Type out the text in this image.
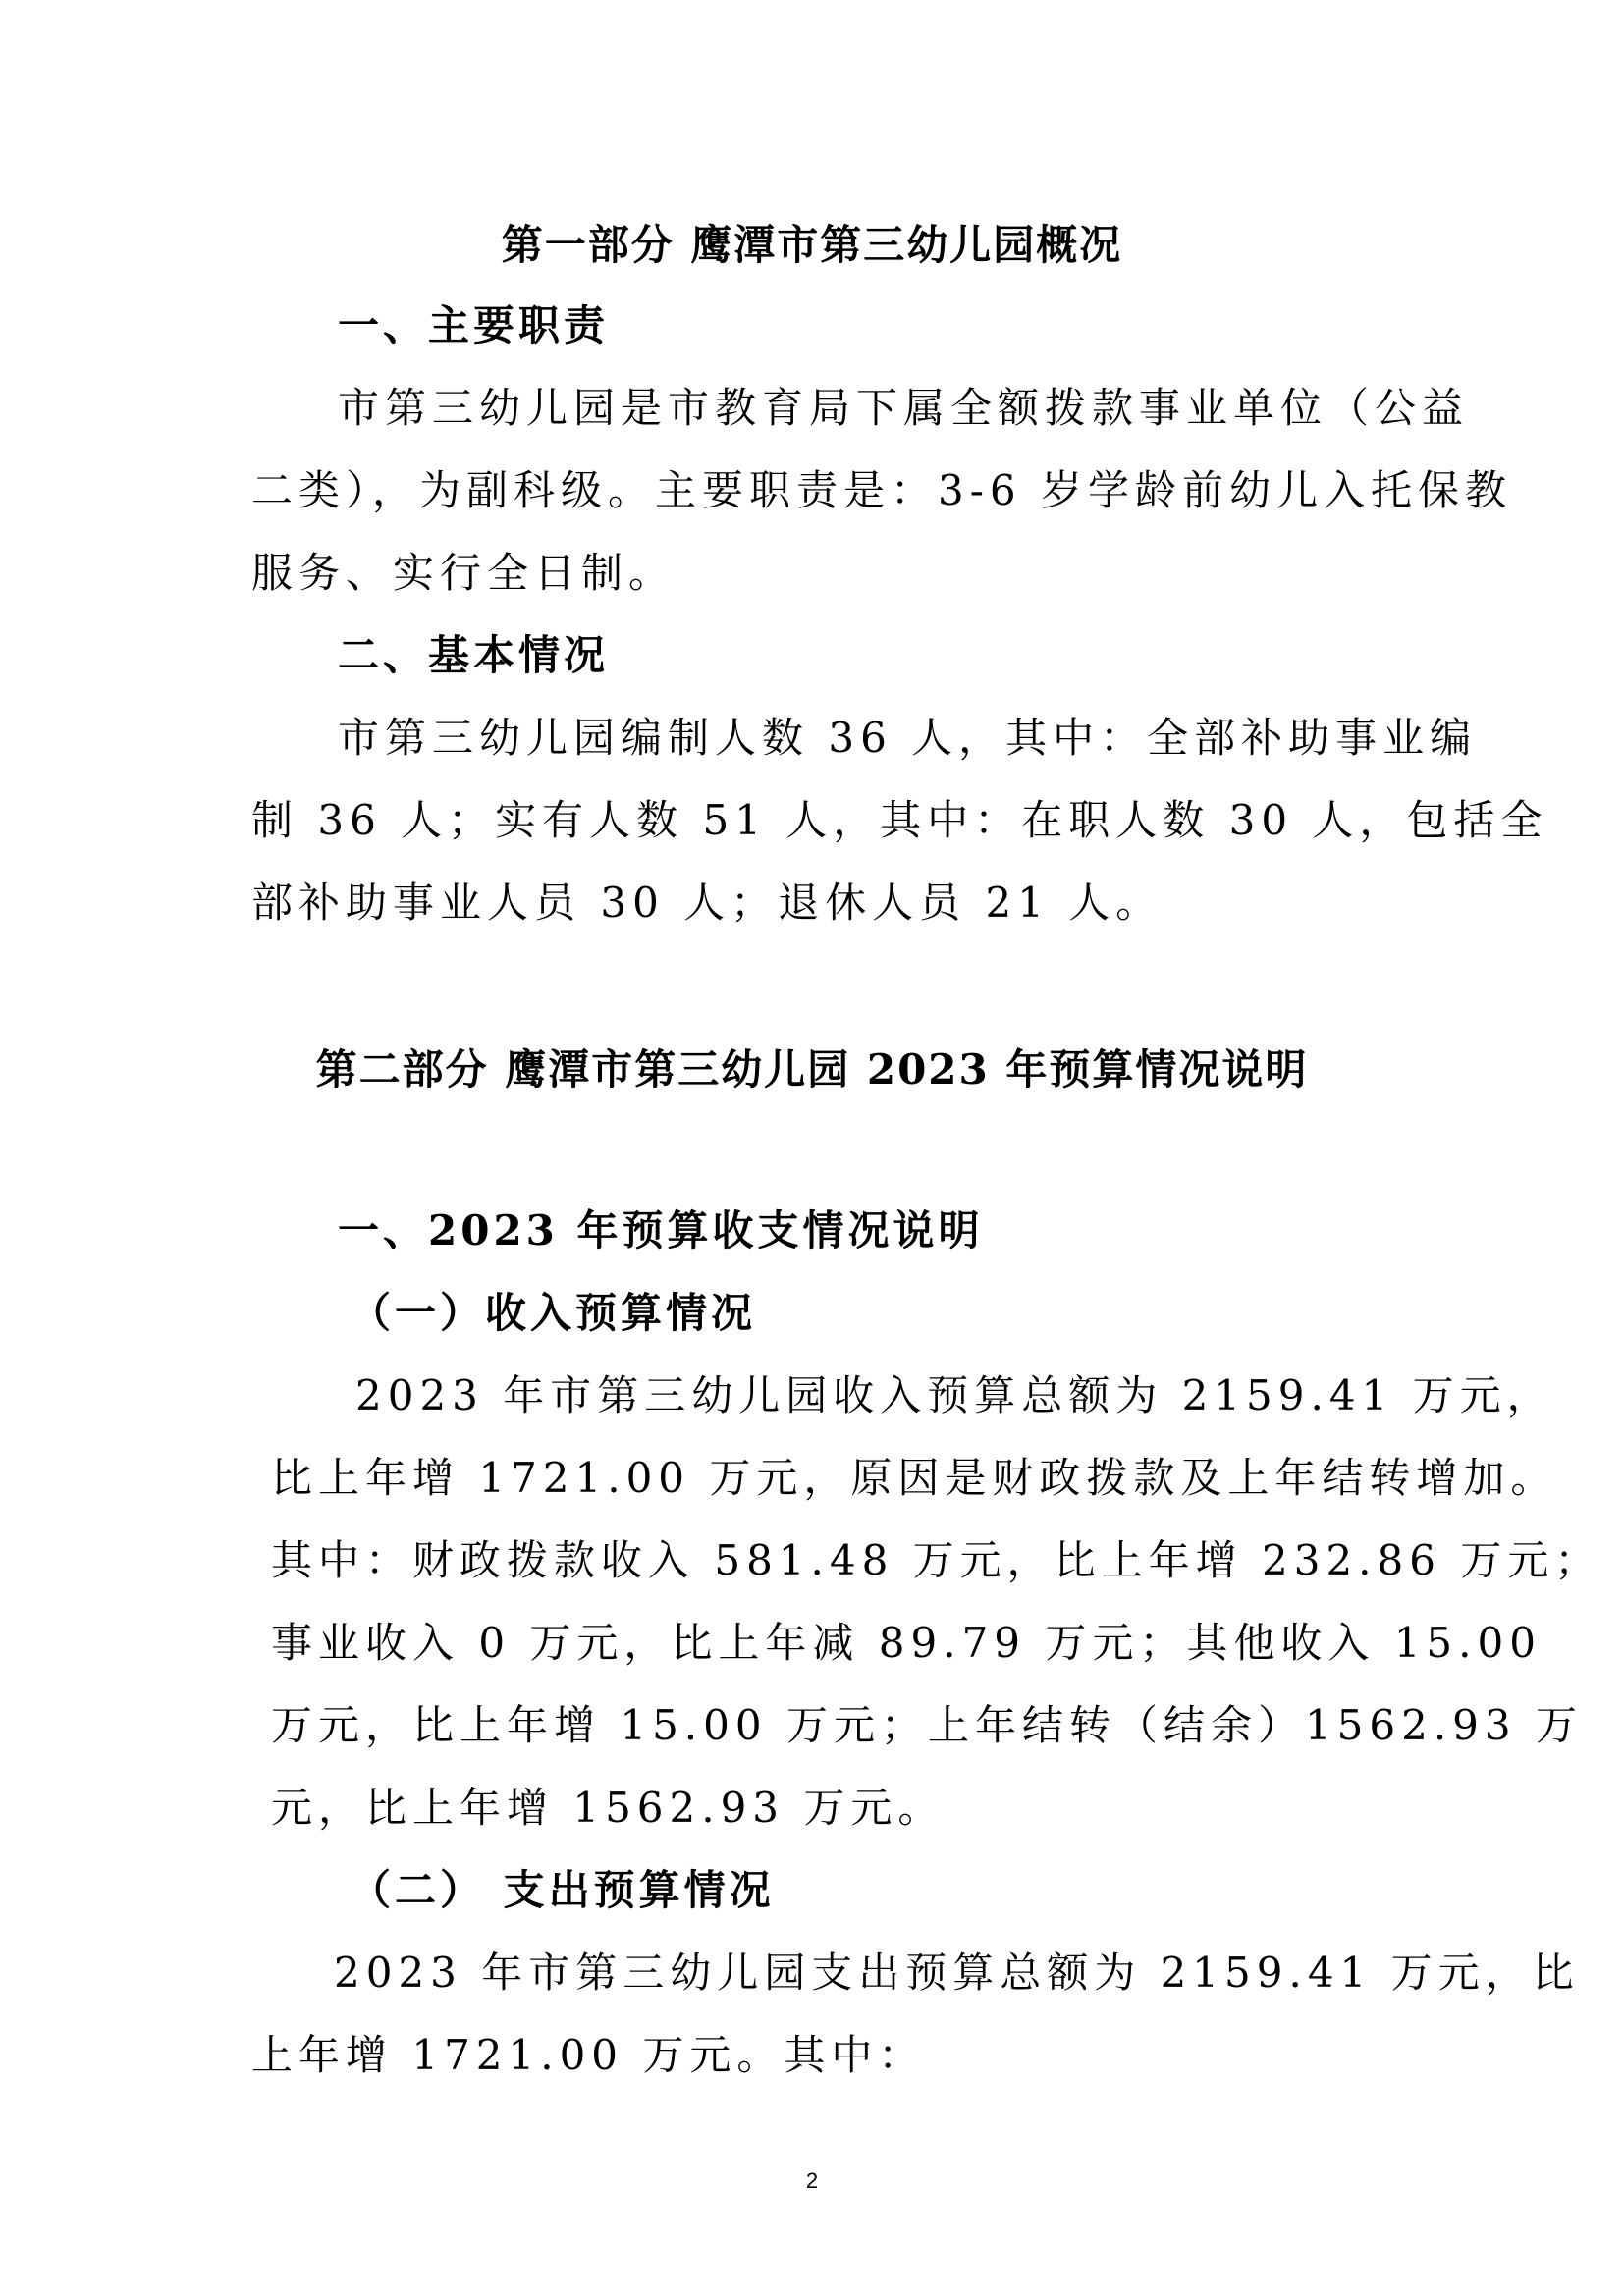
第一部分 鹰潭市第三幼儿园概况
一、主要职责
市第三幼儿园是市教育局下属全额拨款事业单位（公益
二类），为副科级。主要职责是：3-6 岁学龄前幼儿入托保教
服务、实行全日制。
二、基本情况
市第三幼儿园编制人数 36 人，其中：全部补助事业编
制 36 人；实有人数 51 人，其中：在职人数 30 人，包括全
部补助事业人员 30 人；退休人员 21 人。
第二部分 鹰潭市第三幼儿园 2023 年预算情况说明
一、2023 年预算收支情况说明
（一）收入预算情况
2023 年市第三幼儿园收入预算总额为 2159.41 万元，
比上年增 1721.00 万元，原因是财政拨款及上年结转增加。
其中：财政拨款收入 581.48 万元，比上年增 232.86 万元；
事业收入 0 万元，比上年减 89.79 万元；其他收入 15.00
万元，比上年增 15.00 万元；上年结转（结余）1562.93 万
元，比上年增 1562.93 万元。
（二） 支出预算情况
2023 年市第三幼儿园支出预算总额为 2159.41 万元，比
上年增 1721.00 万元。其中：
2
